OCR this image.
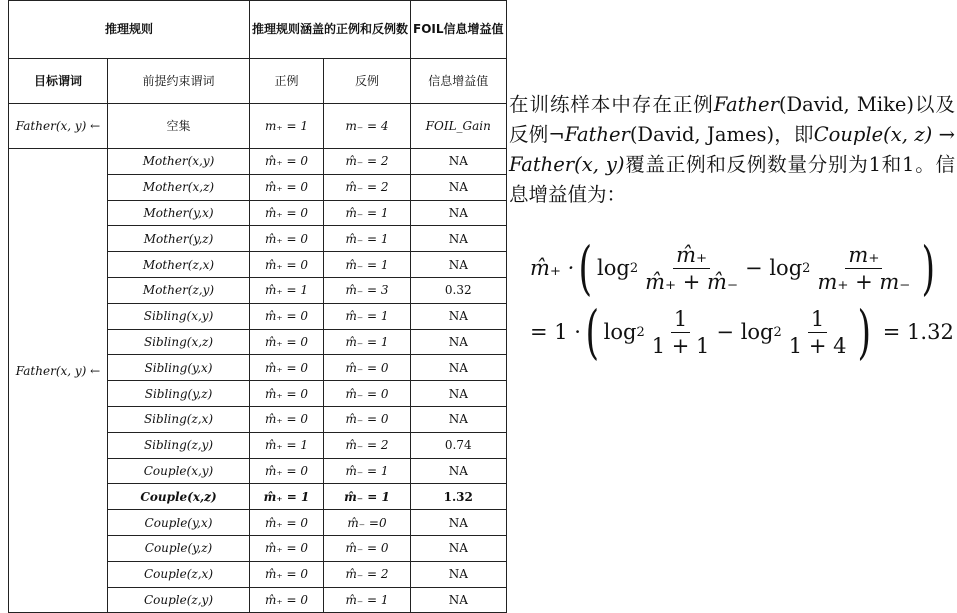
推理规则		推理规则涵盖的正例和反例数		FOIL信息增益值
目标谓词	前提约束谓词	正例	反例	信息增益值
Father(x, y) ←	空集	m₊ = 1	m₋ = 4	FOIL_Gain
Father(x, y) ←	Mother(x,y)	m̂₊ = 0	m̂₋ = 2	NA
	Mother(x,z)	m̂₊ = 0	m̂₋ = 2	NA
	Mother(y,x)	m̂₊ = 0	m̂₋ = 1	NA
	Mother(y,z)	m̂₊ = 0	m̂₋ = 1	NA
	Mother(z,x)	m̂₊ = 0	m̂₋ = 1	NA
	Mother(z,y)	m̂₊ = 1	m̂₋ = 3	0.32
	Sibling(x,y)	m̂₊ = 0	m̂₋ = 1	NA
	Sibling(x,z)	m̂₊ = 0	m̂₋ = 1	NA
	Sibling(y,x)	m̂₊ = 0	m̂₋ = 0	NA
	Sibling(y,z)	m̂₊ = 0	m̂₋ = 0	NA
	Sibling(z,x)	m̂₊ = 0	m̂₋ = 0	NA
	Sibling(z,y)	m̂₊ = 1	m̂₋ = 2	0.74
	Couple(x,y)	m̂₊ = 0	m̂₋ = 1	NA
	Couple(x,z)	m̂₊ = 1	m̂₋ = 1	1.32
	Couple(y,x)	m̂₊ = 0	m̂₋ =0	NA
	Couple(y,z)	m̂₊ = 0	m̂₋ = 0	NA
	Couple(z,x)	m̂₊ = 0	m̂₋ = 2	NA
	Couple(z,y)	m̂₊ = 0	m̂₋ = 1	NA
在训练样本中存在正例Father(David, Mike)以及反例¬Father(David, James)，即Couple(x, z) → Father(x, y)覆盖正例和反例数量分别为1和1。信息增益值为：
m̂₊ · ( $\log 2 \frac{m̂_+}{m̂_+ + m̂_-}$ −
$\log 2 \frac{m_+}{m_+ + m_-}$ )
= 1 · ( $\log 2 \frac{1}{1 + 1}$ −
$\log 2 \frac{1}{1 + 4}$ )
= 1.32
